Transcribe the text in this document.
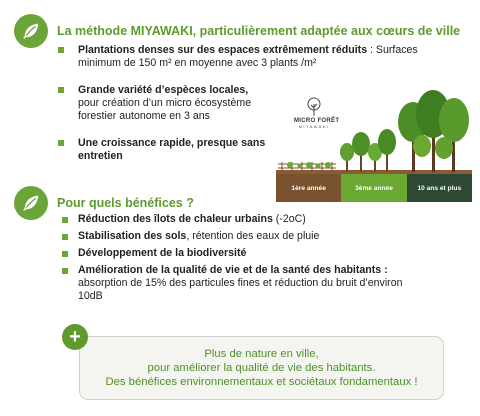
La méthode MIYAWAKI, particulièrement adaptée aux cœurs de ville
Plantations denses sur des espaces extrêmement réduits : Surfaces
minimum de 150 m² en moyenne avec 3 plants /m²
Grande variété d’espèces locales,
pour création d’un micro écosystème
forestier autonome en 3 ans
Une croissance rapide, presque sans
entretien
MICRO FORÊT
MIYAWAKI
1ère année	3ème année	10 ans et plus
Pour quels bénéfices ?
Réduction des îlots de chaleur urbains (-2oC)
Stabilisation des sols, rétention des eaux de pluie
Développement de la biodiversité
Amélioration de la qualité de vie et de la santé des habitants :
absorption de 15% des particules fines et réduction du bruit d’environ
10dB
Plus de nature en ville,
pour améliorer la qualité de vie des habitants.
Des bénéfices environnementaux et sociétaux fondamentaux !
+
